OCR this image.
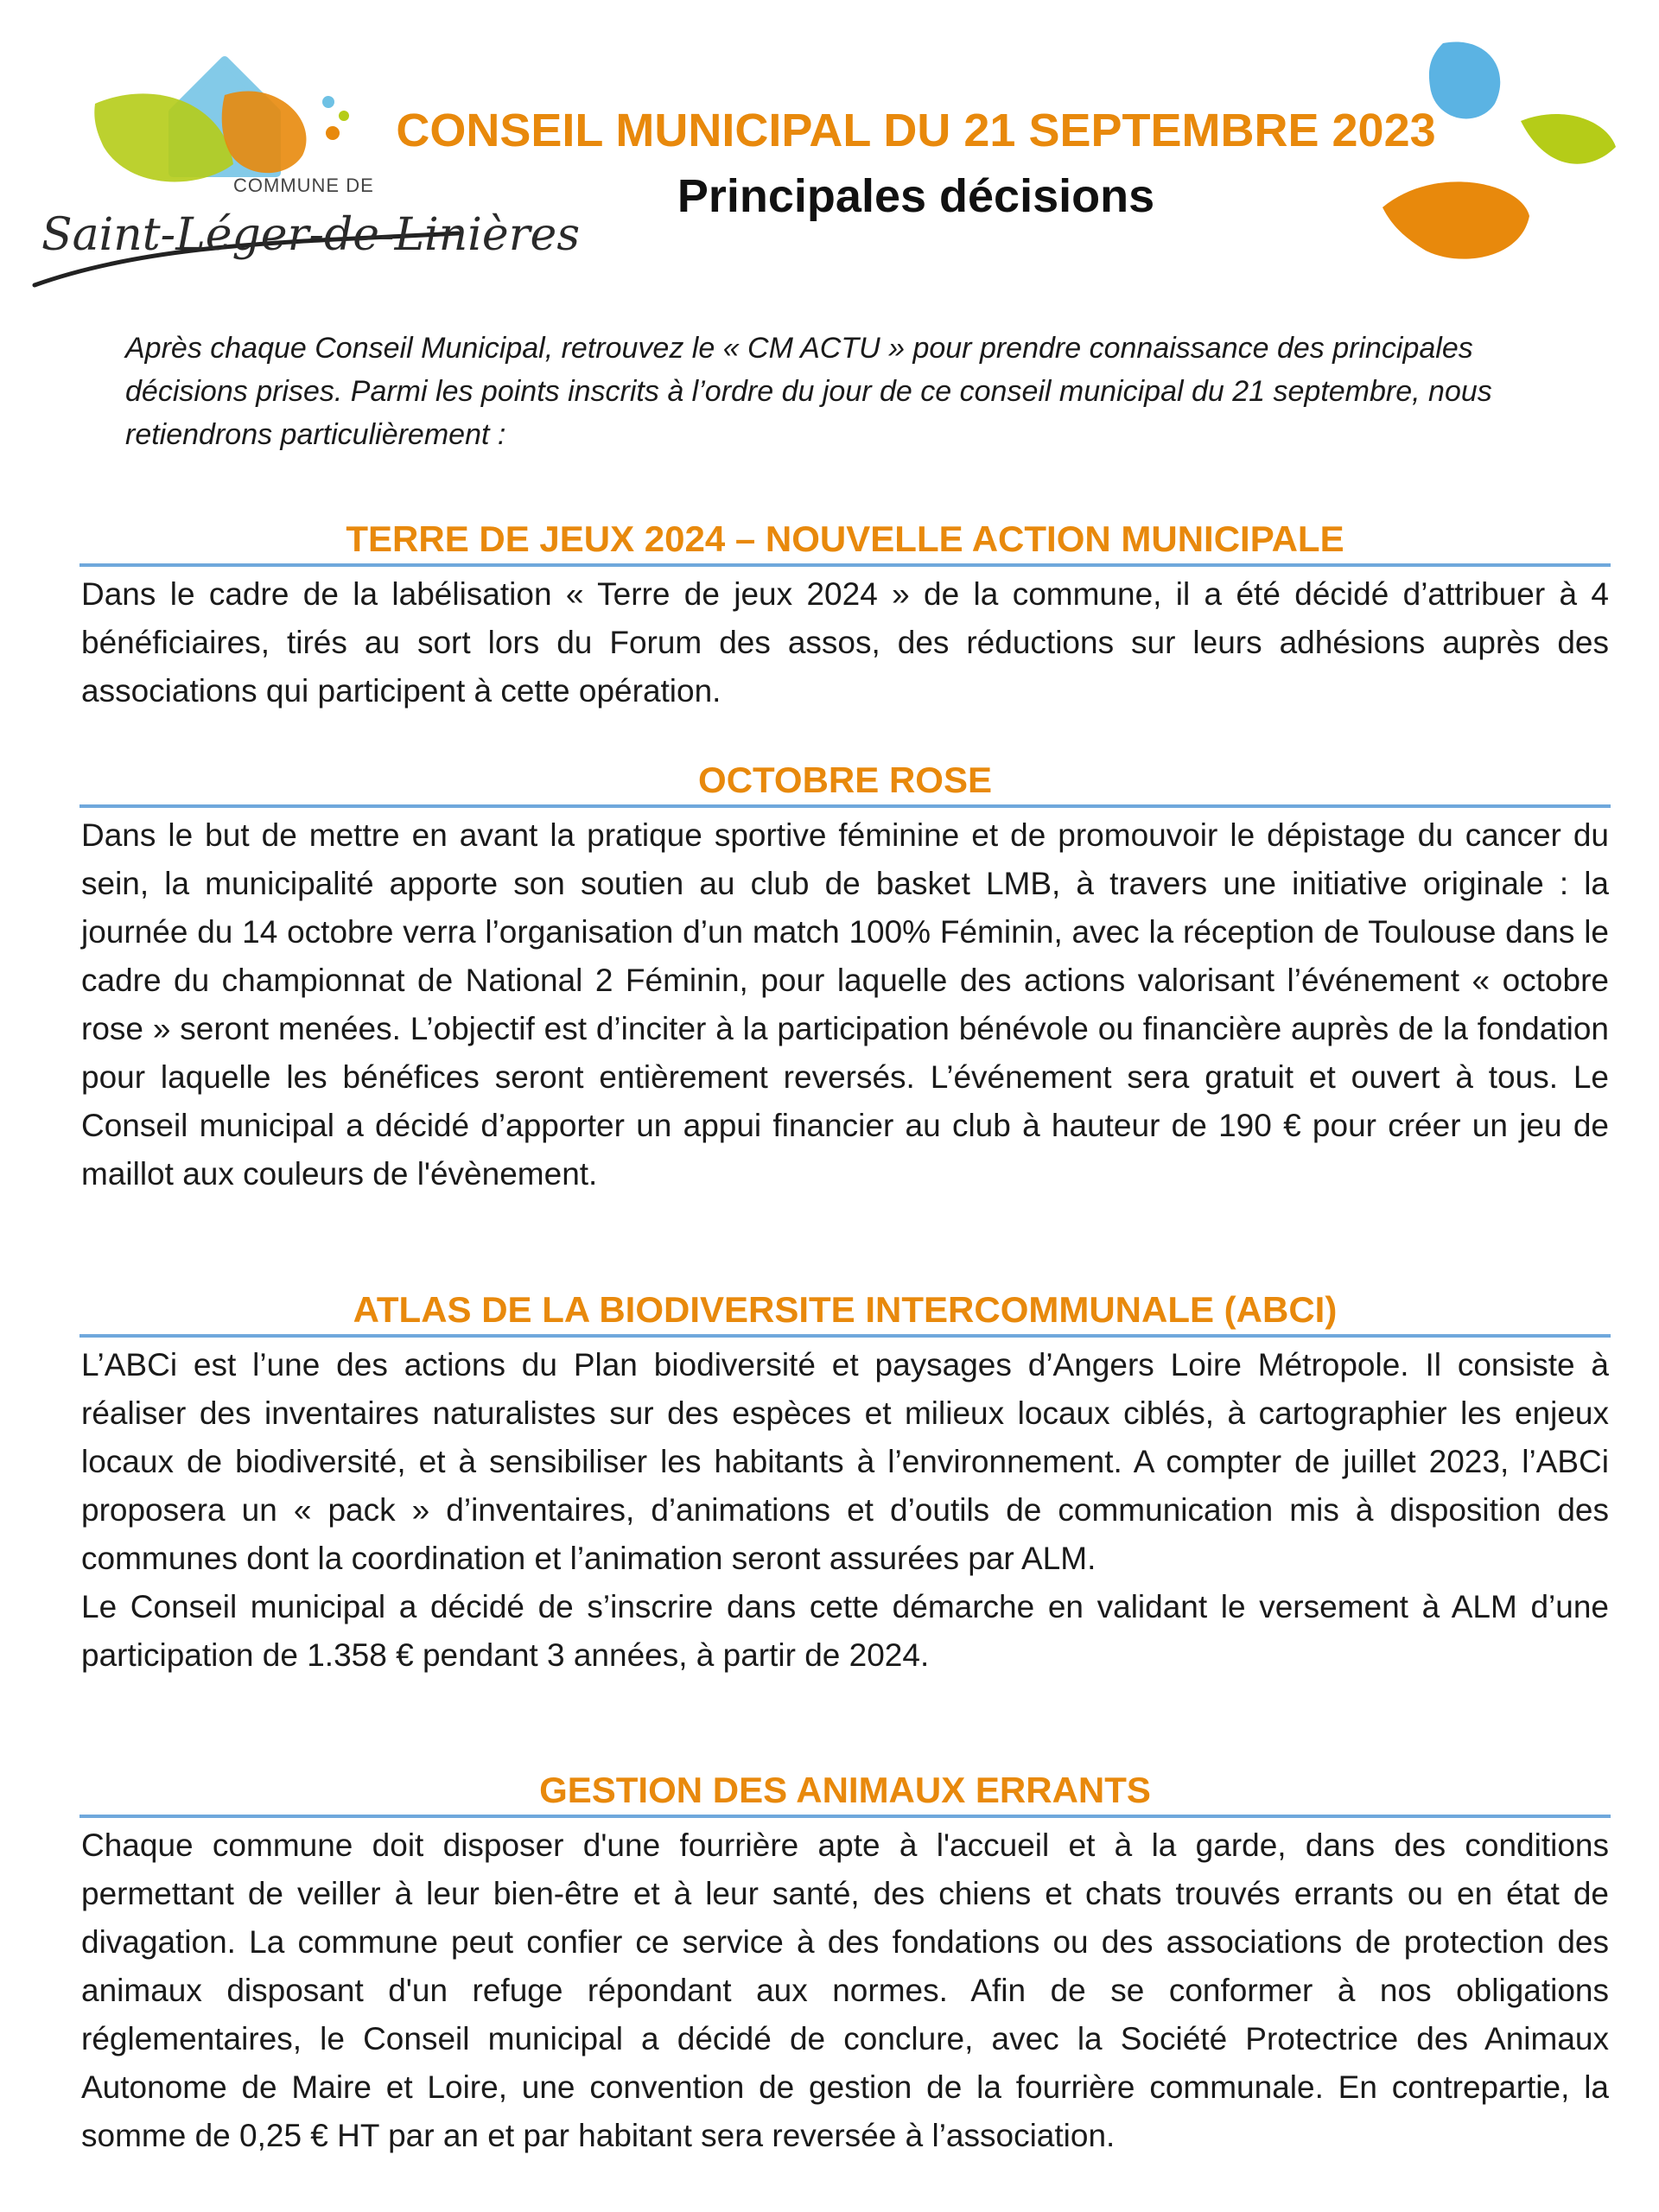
COMMUNE DE
Saint-Léger-de-Linières
CONSEIL MUNICIPAL DU 21 SEPTEMBRE 2023
Principales décisions
Après chaque Conseil Municipal, retrouvez le « CM ACTU » pour prendre connaissance des principales décisions prises. Parmi les points inscrits à l’ordre du jour de ce conseil municipal du 21 septembre, nous retiendrons particulièrement :
TERRE DE JEUX 2024 – NOUVELLE ACTION MUNICIPALE

Dans le cadre de la labélisation « Terre de jeux 2024 » de la commune, il a été décidé d’attribuer à 4 bénéficiaires, tirés au sort lors du Forum des assos, des réductions sur leurs adhésions auprès des associations qui participent à cette opération.

OCTOBRE ROSE

Dans le but de mettre en avant la pratique sportive féminine et de promouvoir le dépistage du cancer du sein, la municipalité apporte son soutien au club de basket LMB, à travers une initiative originale : la journée du 14 octobre verra l’organisation d’un match 100% Féminin, avec la réception de Toulouse dans le cadre du championnat de National 2 Féminin, pour laquelle des actions valorisant l’événement « octobre rose » seront menées. L’objectif est d’inciter à la participation bénévole ou financière auprès de la fondation pour laquelle les bénéfices seront entièrement reversés. L’événement sera gratuit et ouvert à tous. Le Conseil municipal a décidé d’apporter un appui financier au club à hauteur de 190 € pour créer un jeu de maillot aux couleurs de l'évènement.

ATLAS DE LA BIODIVERSITE INTERCOMMUNALE (ABCI)

L’ABCi est l’une des actions du Plan biodiversité et paysages d’Angers Loire Métropole. Il consiste à réaliser des inventaires naturalistes sur des espèces et milieux locaux ciblés, à cartographier les enjeux locaux de biodiversité, et à sensibiliser les habitants à l’environnement. A compter de juillet 2023, l’ABCi proposera un « pack » d’inventaires, d’animations et d’outils de communication mis à disposition des communes dont la coordination et l’animation seront assurées par ALM.

Le Conseil municipal a décidé de s’inscrire dans cette démarche en validant le versement à ALM d’une participation de 1.358 € pendant 3 années, à partir de 2024.

GESTION DES ANIMAUX ERRANTS

Chaque commune doit disposer d'une fourrière apte à l'accueil et à la garde, dans des conditions permettant de veiller à leur bien-être et à leur santé, des chiens et chats trouvés errants ou en état de divagation. La commune peut confier ce service à des fondations ou des associations de protection des animaux disposant d'un refuge répondant aux normes. Afin de se conformer à nos obligations réglementaires, le Conseil municipal a décidé de conclure, avec la Société Protectrice des Animaux Autonome de Maire et Loire, une convention de gestion de la fourrière communale. En contrepartie, la somme de 0,25 € HT par an et par habitant sera reversée à l’association.
